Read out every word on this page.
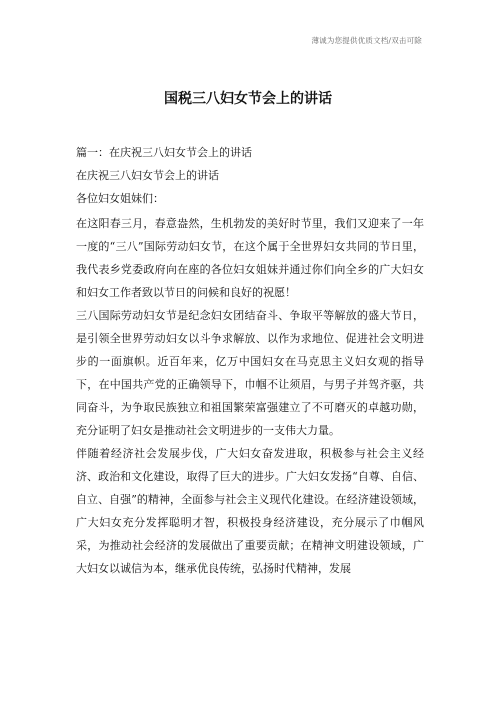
薄诚为您提供优质文档/双击可除
国税三八妇女节会上的讲话
篇一：在庆祝三八妇女节会上的讲话
在庆祝三八妇女节会上的讲话
各位妇女姐妹们：

在这阳春三月，春意盎然，生机勃发的美好时节里，我们又迎来了一年一度的“三八”国际劳动妇女节，在这个属于全世界妇女共同的节日里，我代表乡党委政府向在座的各位妇女姐妹并通过你们向全乡的广大妇女和妇女工作者致以节日的问候和良好的祝愿！

三八国际劳动妇女节是纪念妇女团结奋斗、争取平等解放的盛大节日，是引领全世界劳动妇女以斗争求解放、以作为求地位、促进社会文明进步的一面旗帜。近百年来，亿万中国妇女在马克思主义妇女观的指导下，在中国共产党的正确领导下，巾帼不让须眉，与男子并驾齐驱，共同奋斗，为争取民族独立和祖国繁荣富强建立了不可磨灭的卓越功勋，充分证明了妇女是推动社会文明进步的一支伟大力量。

伴随着经济社会发展步伐，广大妇女奋发进取，积极参与社会主义经济、政治和文化建设，取得了巨大的进步。广大妇女发扬“自尊、自信、自立、自强”的精神，全面参与社会主义现代化建设。在经济建设领域，广大妇女充分发挥聪明才智，积极投身经济建设，充分展示了巾帼风采，为推动社会经济的发展做出了重要贡献；在精神文明建设领域，广大妇女以诚信为本，继承优良传统，弘扬时代精神，发展
